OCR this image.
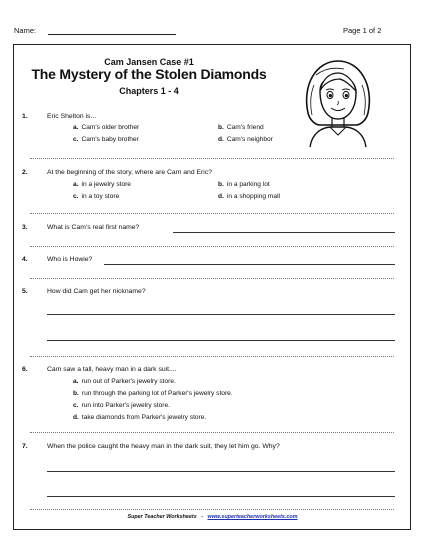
Name:	Page 1 of 2
Cam Jansen Case #1
The Mystery of the Stolen Diamonds
Chapters 1 - 4
1.	Eric Shelton is...
a. Cam's older brother	b. Cam's friend
c. Cam's baby brother	d. Cam's neighbor
2.	At the beginning of the story, where are Cam and Eric?
a. in a jewelry store	b. in a parking lot
c. in a toy store	d. in a shopping mall
3.	What is Cam's real first name?
4.	Who is Howie?
5.	How did Cam get her nickname?
6.	Cam saw a tall, heavy man in a dark suit....
a. run out of Parker's jewelry store.
b. run through the parking lot of Parker's jewelry store.
c. run into Parker's jewelry store.
d. take diamonds from Parker's jewelry store.
7.	When the police caught the heavy man in the dark suit, they let him go. Why?
Super Teacher Worksheets - www.superteacherworksheets.com
